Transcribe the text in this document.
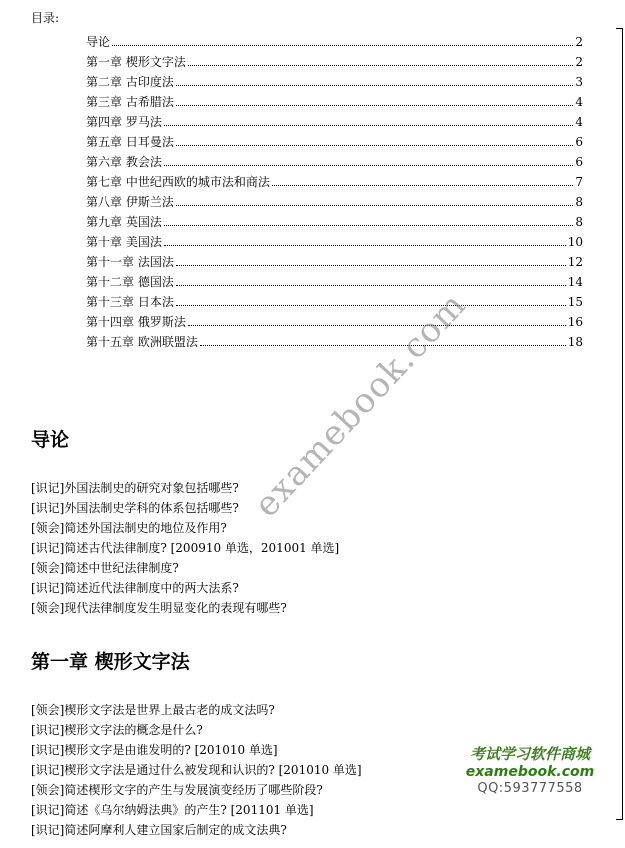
目录:
导论	2
第一章 楔形文字法	2
第二章 古印度法	3
第三章 古希腊法	4
第四章 罗马法	4
第五章 日耳曼法	6
第六章 教会法	6
第七章 中世纪西欧的城市法和商法	7
第八章 伊斯兰法	8
第九章 英国法	8
第十章 美国法	10
第十一章 法国法	12
第十二章 德国法	14
第十三章 日本法	15
第十四章 俄罗斯法	16
第十五章 欧洲联盟法	18
导论
[识记]外国法制史的研究对象包括哪些?
[识记]外国法制史学科的体系包括哪些?
[领会]简述外国法制史的地位及作用?
[识记]简述古代法律制度? [200910 单选，201001 单选]
[领会]简述中世纪法律制度?
[识记]简述近代法律制度中的两大法系?
[领会]现代法律制度发生明显变化的表现有哪些?
第一章 楔形文字法
[领会]楔形文字法是世界上最古老的成文法吗?
[识记]楔形文字法的概念是什么?
[识记]楔形文字是由谁发明的? [201010 单选]
[识记]楔形文字法是通过什么被发现和认识的? [201010 单选]
[领会]简述楔形文字的产生与发展演变经历了哪些阶段?
[识记]简述《乌尔纳姆法典》的产生? [201101 单选]
[识记]简述阿摩利人建立国家后制定的成文法典?
examebook.com
考试学习软件商城
examebook.com
QQ:593777558
